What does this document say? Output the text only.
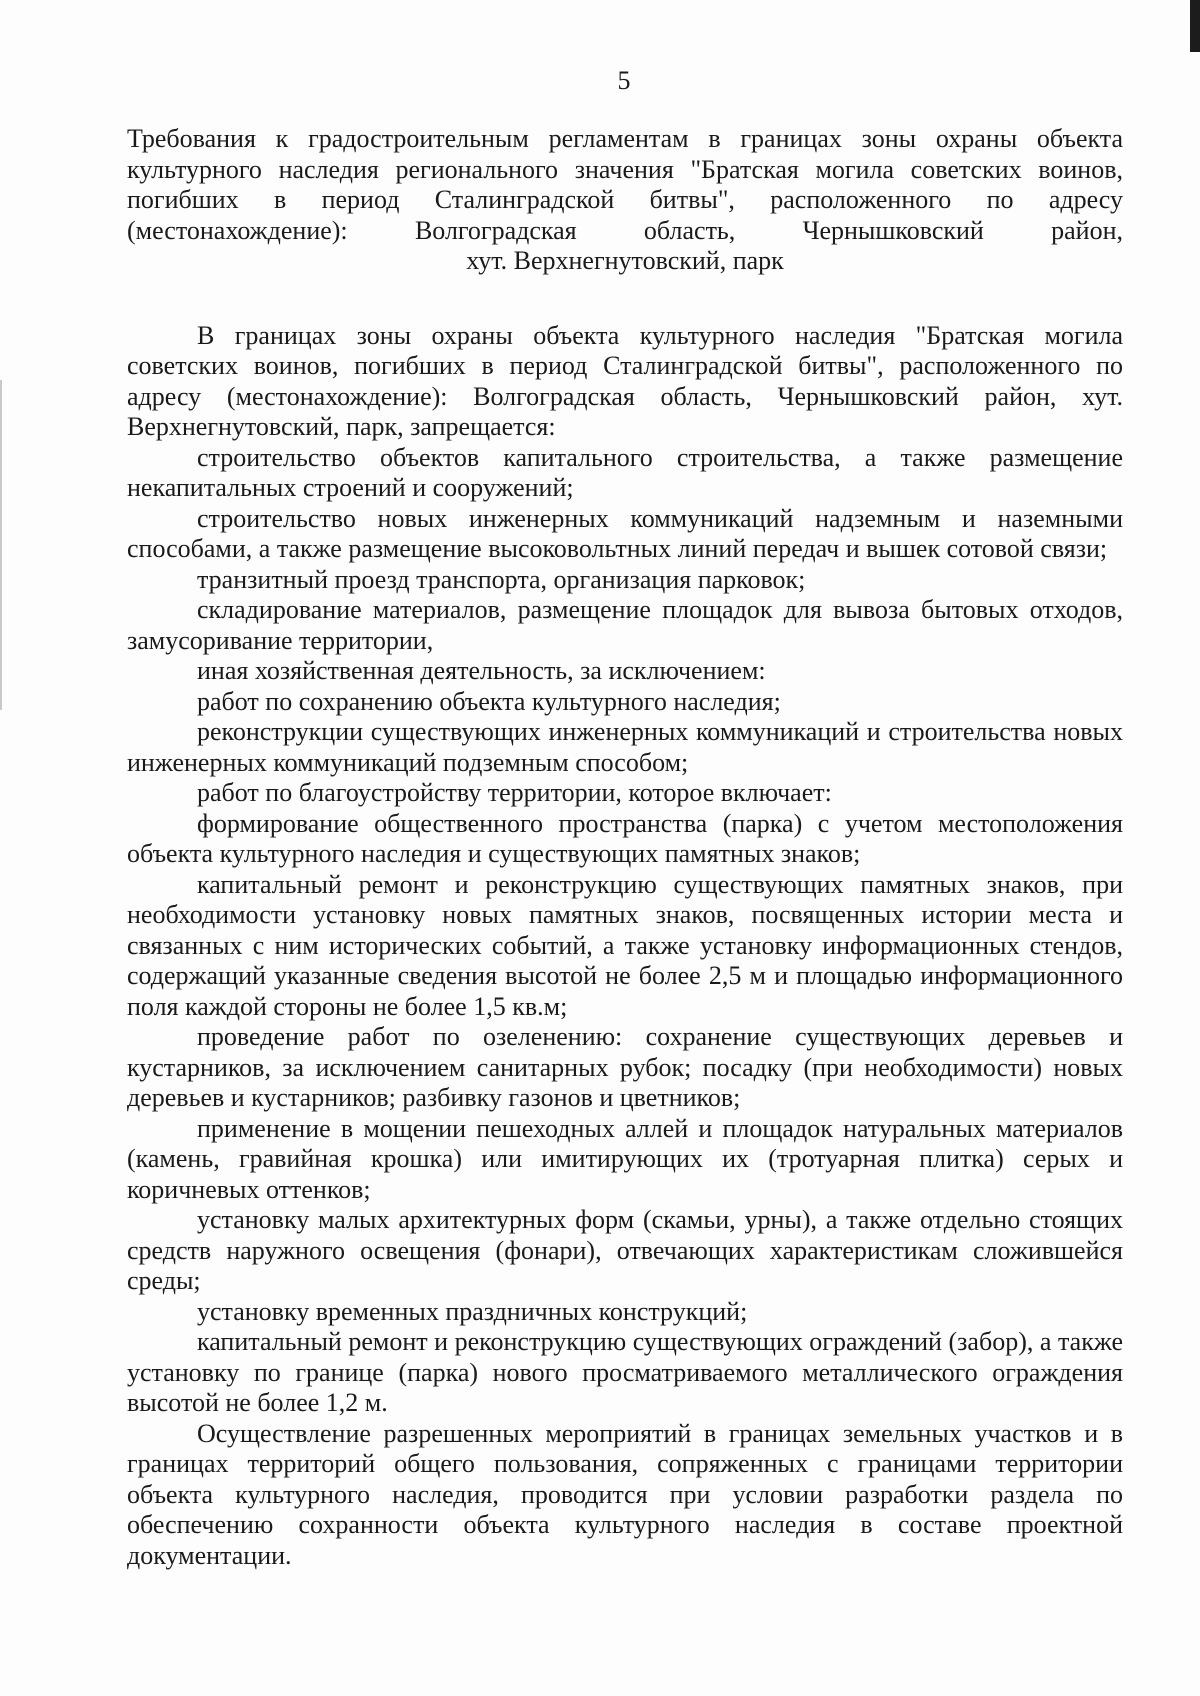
5

Требования к градостроительным регламентам в границах зоны охраны объекта

культурного наследия регионального значения "Братская могила советских воинов,

погибших в период Сталинградской битвы", расположенного по адресу

(местонахождение): Волгоградская область, Чернышковский район,

хут. Верхнегнутовский, парк

В границах зоны охраны объекта культурного наследия "Братская могила советских воинов, погибших в период Сталинградской битвы", расположенного по адресу (местонахождение): Волгоградская область, Чернышковский район, хут. Верхнегнутовский, парк, запрещается:

строительство объектов капитального строительства, а также размещение некапитальных строений и сооружений;

строительство новых инженерных коммуникаций надземным и наземными способами, а также размещение высоковольтных линий передач и вышек сотовой связи;

транзитный проезд транспорта, организация парковок;

складирование материалов, размещение площадок для вывоза бытовых отходов, замусоривание территории,

иная хозяйственная деятельность, за исключением:

работ по сохранению объекта культурного наследия;

реконструкции существующих инженерных коммуникаций и строительства новых инженерных коммуникаций подземным способом;

работ по благоустройству территории, которое включает:

формирование общественного пространства (парка) с учетом местоположения объекта культурного наследия и существующих памятных знаков;

капитальный ремонт и реконструкцию существующих памятных знаков, при необходимости установку новых памятных знаков, посвященных истории места и связанных с ним исторических событий, а также установку информационных стендов, содержащий указанные сведения высотой не более 2,5 м и площадью информационного поля каждой стороны не более 1,5 кв.м;

проведение работ по озеленению: сохранение существующих деревьев и кустарников, за исключением санитарных рубок; посадку (при необходимости) новых деревьев и кустарников; разбивку газонов и цветников;

применение в мощении пешеходных аллей и площадок натуральных материалов (камень, гравийная крошка) или имитирующих их (тротуарная плитка) серых и коричневых оттенков;

установку малых архитектурных форм (скамьи, урны), а также отдельно стоящих средств наружного освещения (фонари), отвечающих характеристикам сложившейся среды;

установку временных праздничных конструкций;

капитальный ремонт и реконструкцию существующих ограждений (забор), а также установку по границе (парка) нового просматриваемого металлического ограждения высотой не более 1,2 м.

Осуществление разрешенных мероприятий в границах земельных участков и в границах территорий общего пользования, сопряженных с границами территории объекта культурного наследия, проводится при условии разработки раздела по обеспечению сохранности объекта культурного наследия в составе проектной документации.
